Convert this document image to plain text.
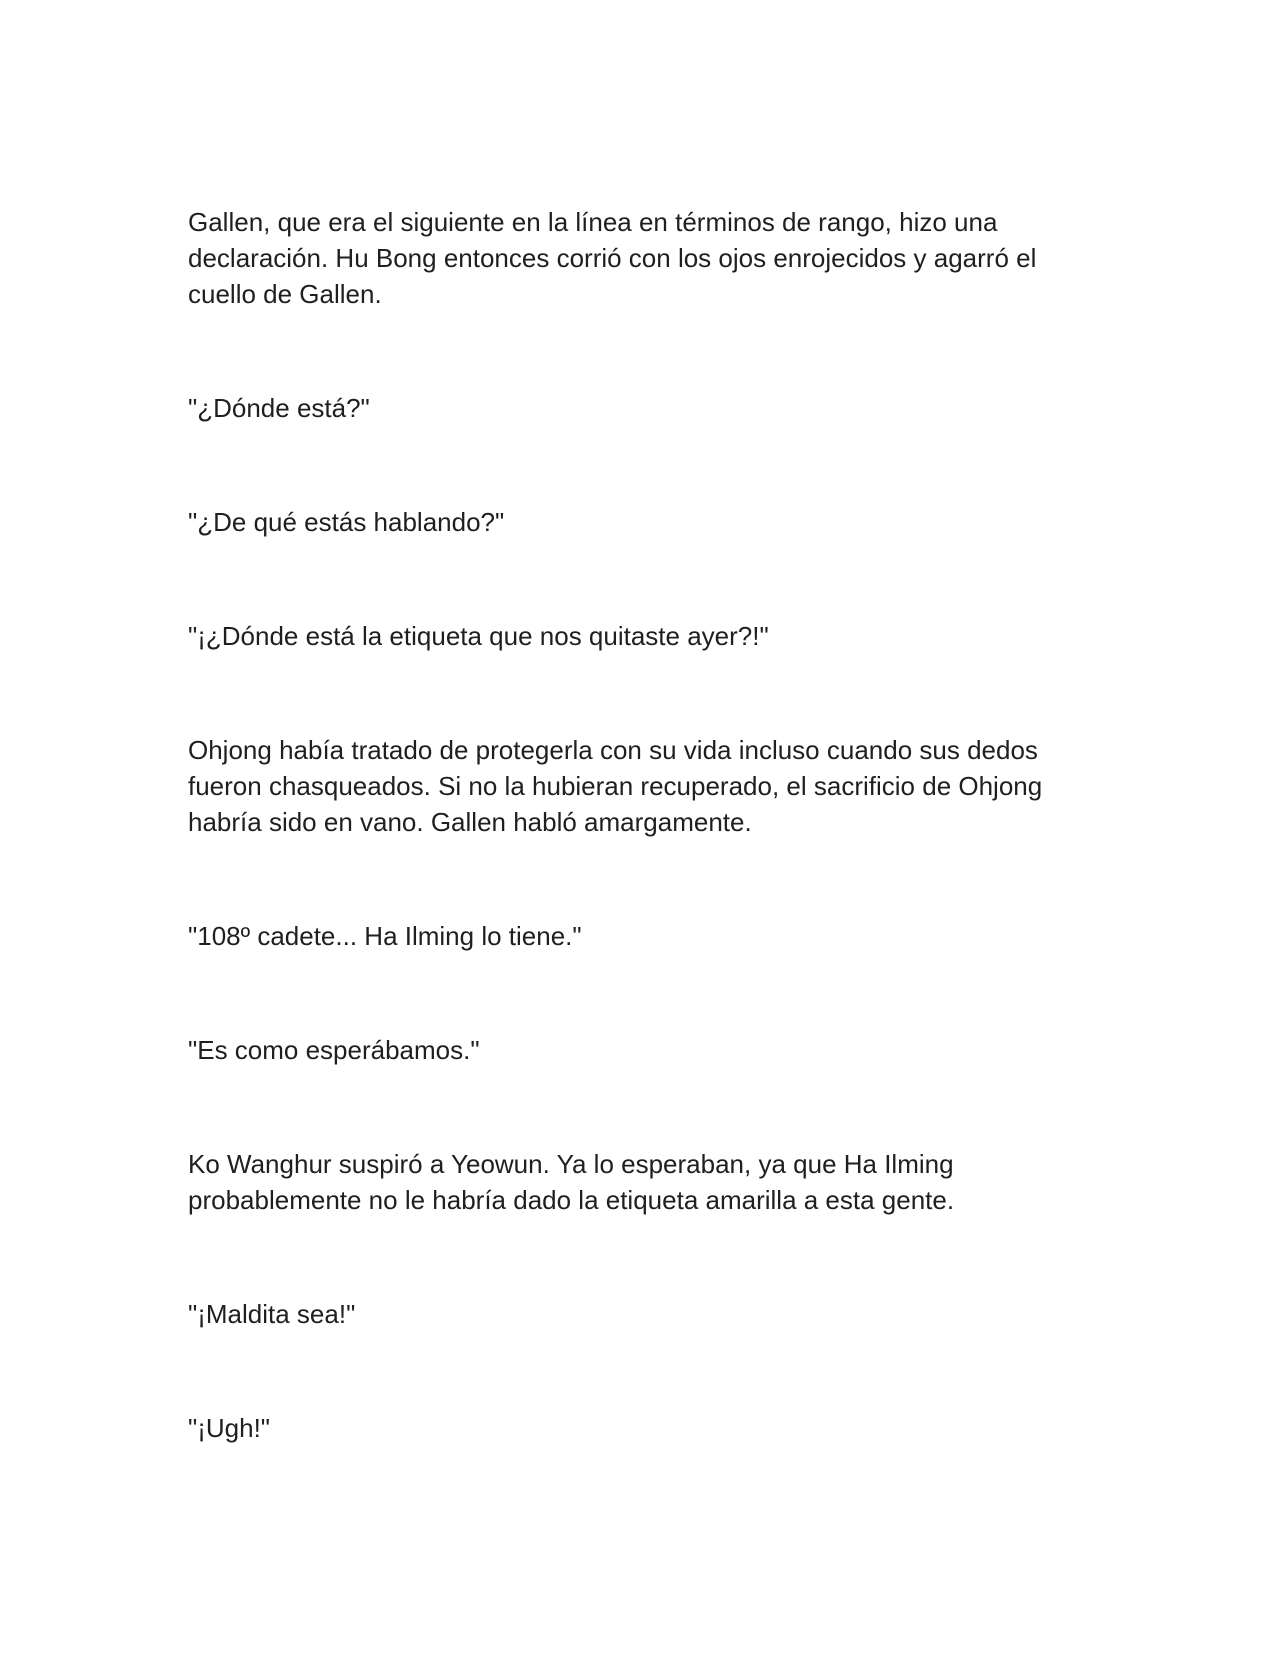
Gallen, que era el siguiente en la línea en términos de rango, hizo una declaración. Hu Bong entonces corrió con los ojos enrojecidos y agarró el cuello de Gallen.

"¿Dónde está?"

"¿De qué estás hablando?"

"¡¿Dónde está la etiqueta que nos quitaste ayer?!"

Ohjong había tratado de protegerla con su vida incluso cuando sus dedos fueron chasqueados. Si no la hubieran recuperado, el sacrificio de Ohjong habría sido en vano. Gallen habló amargamente.

"108º cadete... Ha Ilming lo tiene."

"Es como esperábamos."

Ko Wanghur suspiró a Yeowun. Ya lo esperaban, ya que Ha Ilming probablemente no le habría dado la etiqueta amarilla a esta gente.

"¡Maldita sea!"

"¡Ugh!"
